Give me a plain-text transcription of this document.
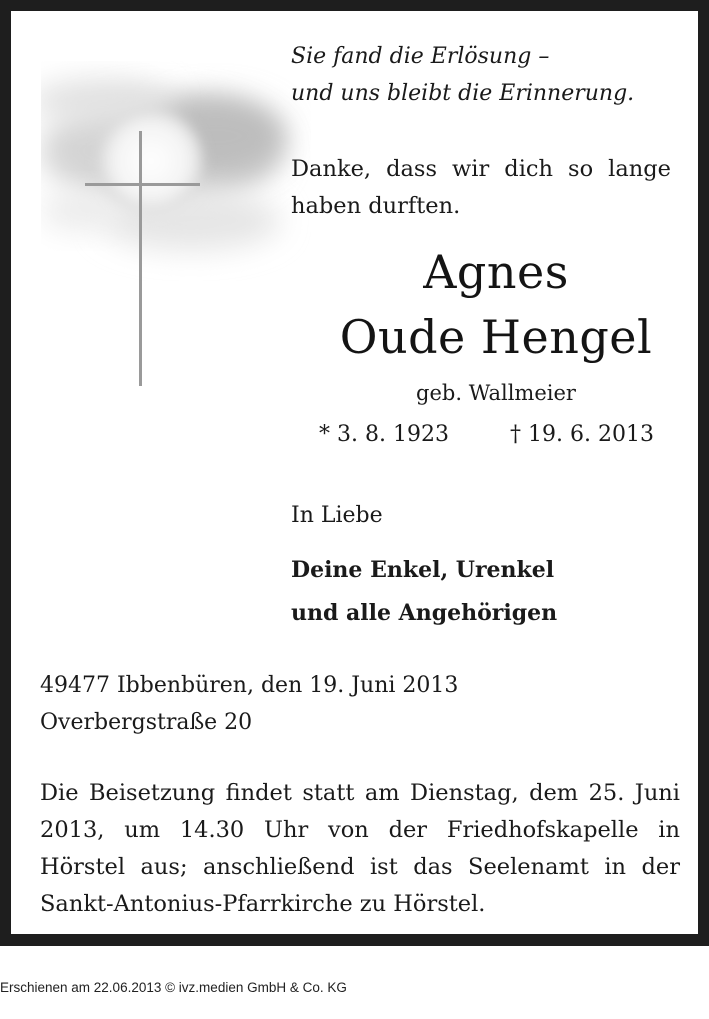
Sie fand die Erlösung –
und uns bleibt die Erinnerung.
Danke, dass wir dich so lange haben durften.
Agnes
Oude Hengel
geb. Wallmeier
* 3. 8. 1923	† 19. 6. 2013
In Liebe
Deine Enkel, Urenkel
und alle Angehörigen
49477 Ibbenbüren, den 19. Juni 2013
Overbergstraße 20
Die Beisetzung findet statt am Dienstag, dem 25. Juni 2013, um 14.30 Uhr von der Friedhofskapelle in Hörstel aus; anschließend ist das Seelenamt in der Sankt-Antonius-Pfarrkirche zu Hörstel.
Erschienen am 22.06.2013 © ivz.medien GmbH & Co. KG
